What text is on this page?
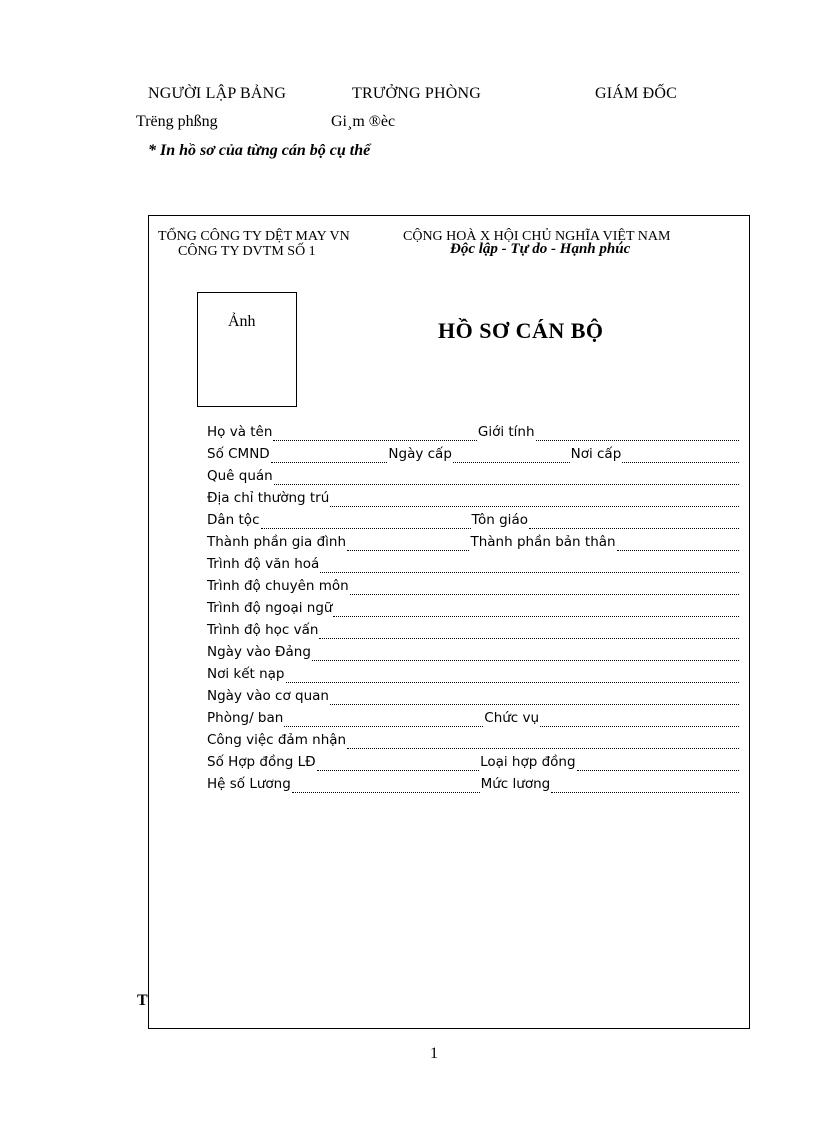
NGƯỜI LẬP BẢNG	TRƯỞNG PHÒNG	GIÁM ĐỐC
Trëng phßng	Gi¸m ®èc
* In hồ sơ của từng cán bộ cụ thể
TỔNG CÔNG TY DỆT MAY VN
CÔNG TY DVTM SỐ 1
CỘNG HOÀ X HỘI CHỦ NGHĨA VIỆT NAM
Độc lập - Tự do - Hạnh phúc
Ảnh	HỒ SƠ CÁN BỘ
Họ và tên	Giới tính
Số CMND	Ngày cấp	Nơi cấp
Quê quán
Địa chỉ thường trú
Dân tộc	Tôn giáo
Thành phần gia đình	Thành phần bản thân
Trình độ văn hoá
Trình độ chuyên môn
Trình độ ngoại ngữ
Trình độ học vấn
Ngày vào Đảng
Nơi kết nạp
Ngày vào cơ quan
Phòng/ ban	Chức vụ
Công việc đảm nhận
Số Hợp đồng LĐ	Loại hợp đồng
Hệ số Lương	Mức lương
T
1
